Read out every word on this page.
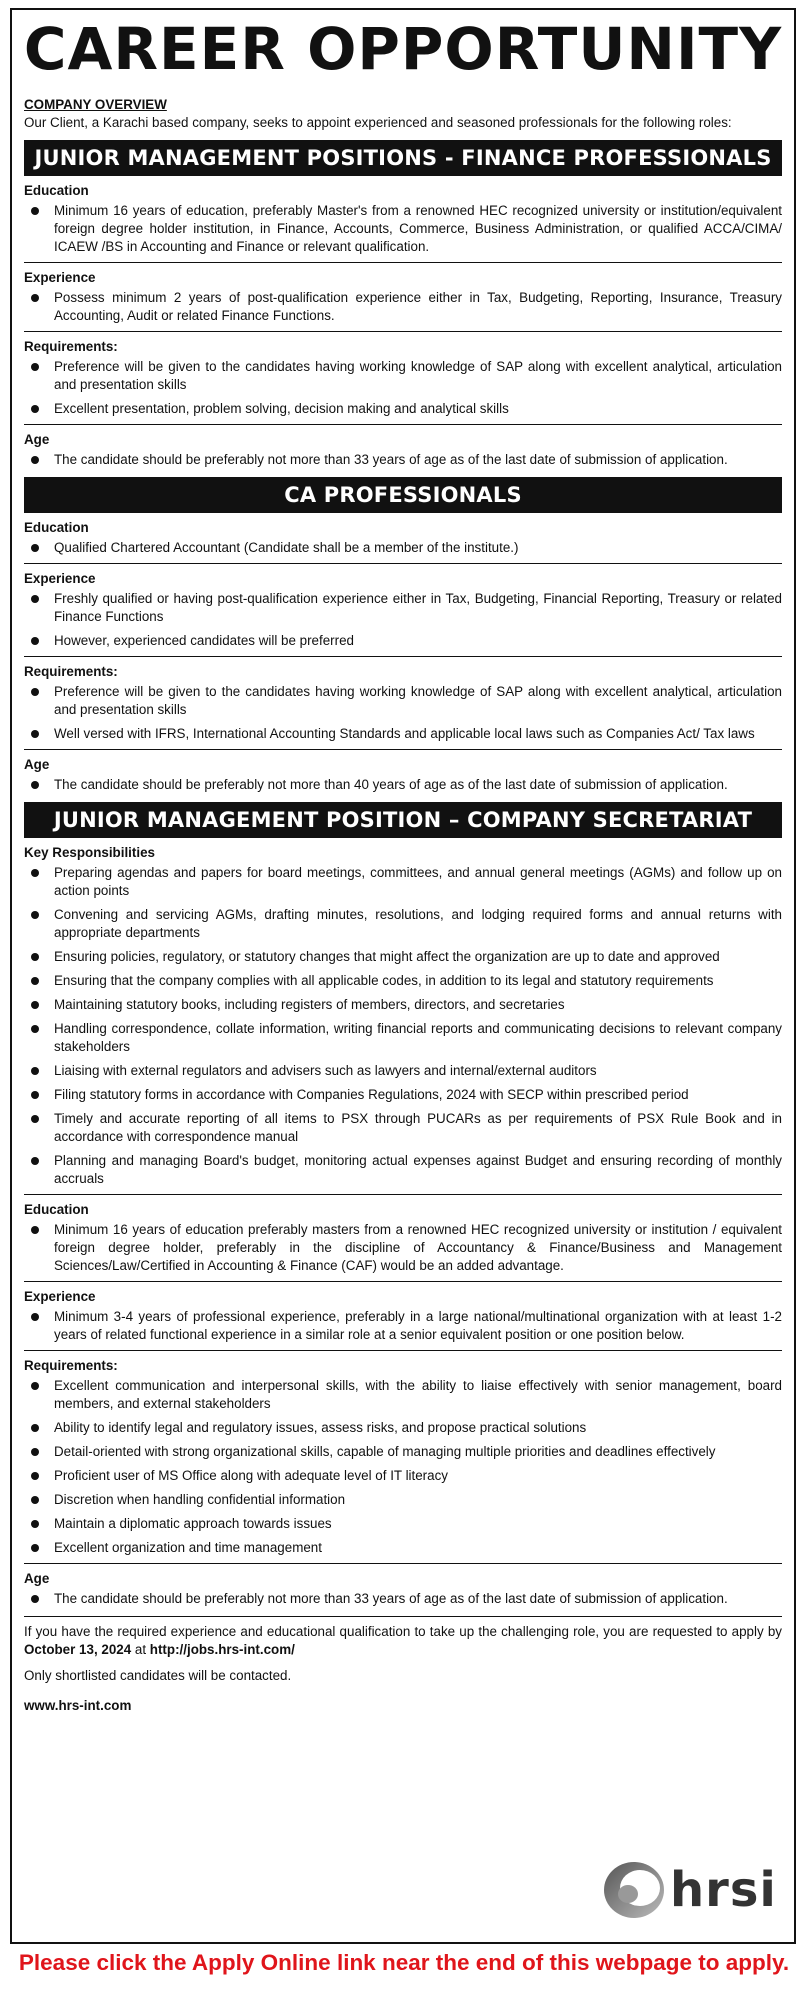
CAREER OPPORTUNITY
COMPANY OVERVIEW
Our Client, a Karachi based company, seeks to appoint experienced and seasoned professionals for the following roles:
JUNIOR MANAGEMENT POSITIONS - FINANCE PROFESSIONALS
Education
Minimum 16 years of education, preferably Master's from a renowned HEC recognized university or institution/equivalent foreign degree holder institution, in Finance, Accounts, Commerce, Business Administration, or qualified ACCA/CIMA/ ICAEW /BS in Accounting and Finance or relevant qualification.
Experience
Possess minimum 2 years of post-qualification experience either in Tax, Budgeting, Reporting, Insurance, Treasury Accounting, Audit or related Finance Functions.
Requirements:
Preference will be given to the candidates having working knowledge of SAP along with excellent analytical, articulation and presentation skills
Excellent presentation, problem solving, decision making and analytical skills
Age
The candidate should be preferably not more than 33 years of age as of the last date of submission of application.
CA PROFESSIONALS
Education
Qualified Chartered Accountant (Candidate shall be a member of the institute.)
Experience
Freshly qualified or having post-qualification experience either in Tax, Budgeting, Financial Reporting, Treasury or related Finance Functions
However, experienced candidates will be preferred
Requirements:
Preference will be given to the candidates having working knowledge of SAP along with excellent analytical, articulation and presentation skills
Well versed with IFRS, International Accounting Standards and applicable local laws such as Companies Act/ Tax laws
Age
The candidate should be preferably not more than 40 years of age as of the last date of submission of application.
JUNIOR MANAGEMENT POSITION – COMPANY SECRETARIAT
Key Responsibilities
Preparing agendas and papers for board meetings, committees, and annual general meetings (AGMs) and follow up on action points
Convening and servicing AGMs, drafting minutes, resolutions, and lodging required forms and annual returns with appropriate departments
Ensuring policies, regulatory, or statutory changes that might affect the organization are up to date and approved
Ensuring that the company complies with all applicable codes, in addition to its legal and statutory requirements
Maintaining statutory books, including registers of members, directors, and secretaries
Handling correspondence, collate information, writing financial reports and communicating decisions to relevant company stakeholders
Liaising with external regulators and advisers such as lawyers and internal/external auditors
Filing statutory forms in accordance with Companies Regulations, 2024 with SECP within prescribed period
Timely and accurate reporting of all items to PSX through PUCARs as per requirements of PSX Rule Book and in accordance with correspondence manual
Planning and managing Board's budget, monitoring actual expenses against Budget and ensuring recording of monthly accruals
Education
Minimum 16 years of education preferably masters from a renowned HEC recognized university or institution / equivalent foreign degree holder, preferably in the discipline of Accountancy & Finance/Business and Management Sciences/Law/Certified in Accounting & Finance (CAF) would be an added advantage.
Experience
Minimum 3-4 years of professional experience, preferably in a large national/multinational organization with at least 1-2 years of related functional experience in a similar role at a senior equivalent position or one position below.
Requirements:
Excellent communication and interpersonal skills, with the ability to liaise effectively with senior management, board members, and external stakeholders
Ability to identify legal and regulatory issues, assess risks, and propose practical solutions
Detail-oriented with strong organizational skills, capable of managing multiple priorities and deadlines effectively
Proficient user of MS Office along with adequate level of IT literacy
Discretion when handling confidential information
Maintain a diplomatic approach towards issues
Excellent organization and time management
Age
The candidate should be preferably not more than 33 years of age as of the last date of submission of application.
If you have the required experience and educational qualification to take up the challenging role, you are requested to apply by October 13, 2024 at http://jobs.hrs-int.com/
Only shortlisted candidates will be contacted.
www.hrs-int.com
hrsi
Please click the Apply Online link near the end of this webpage to apply.
